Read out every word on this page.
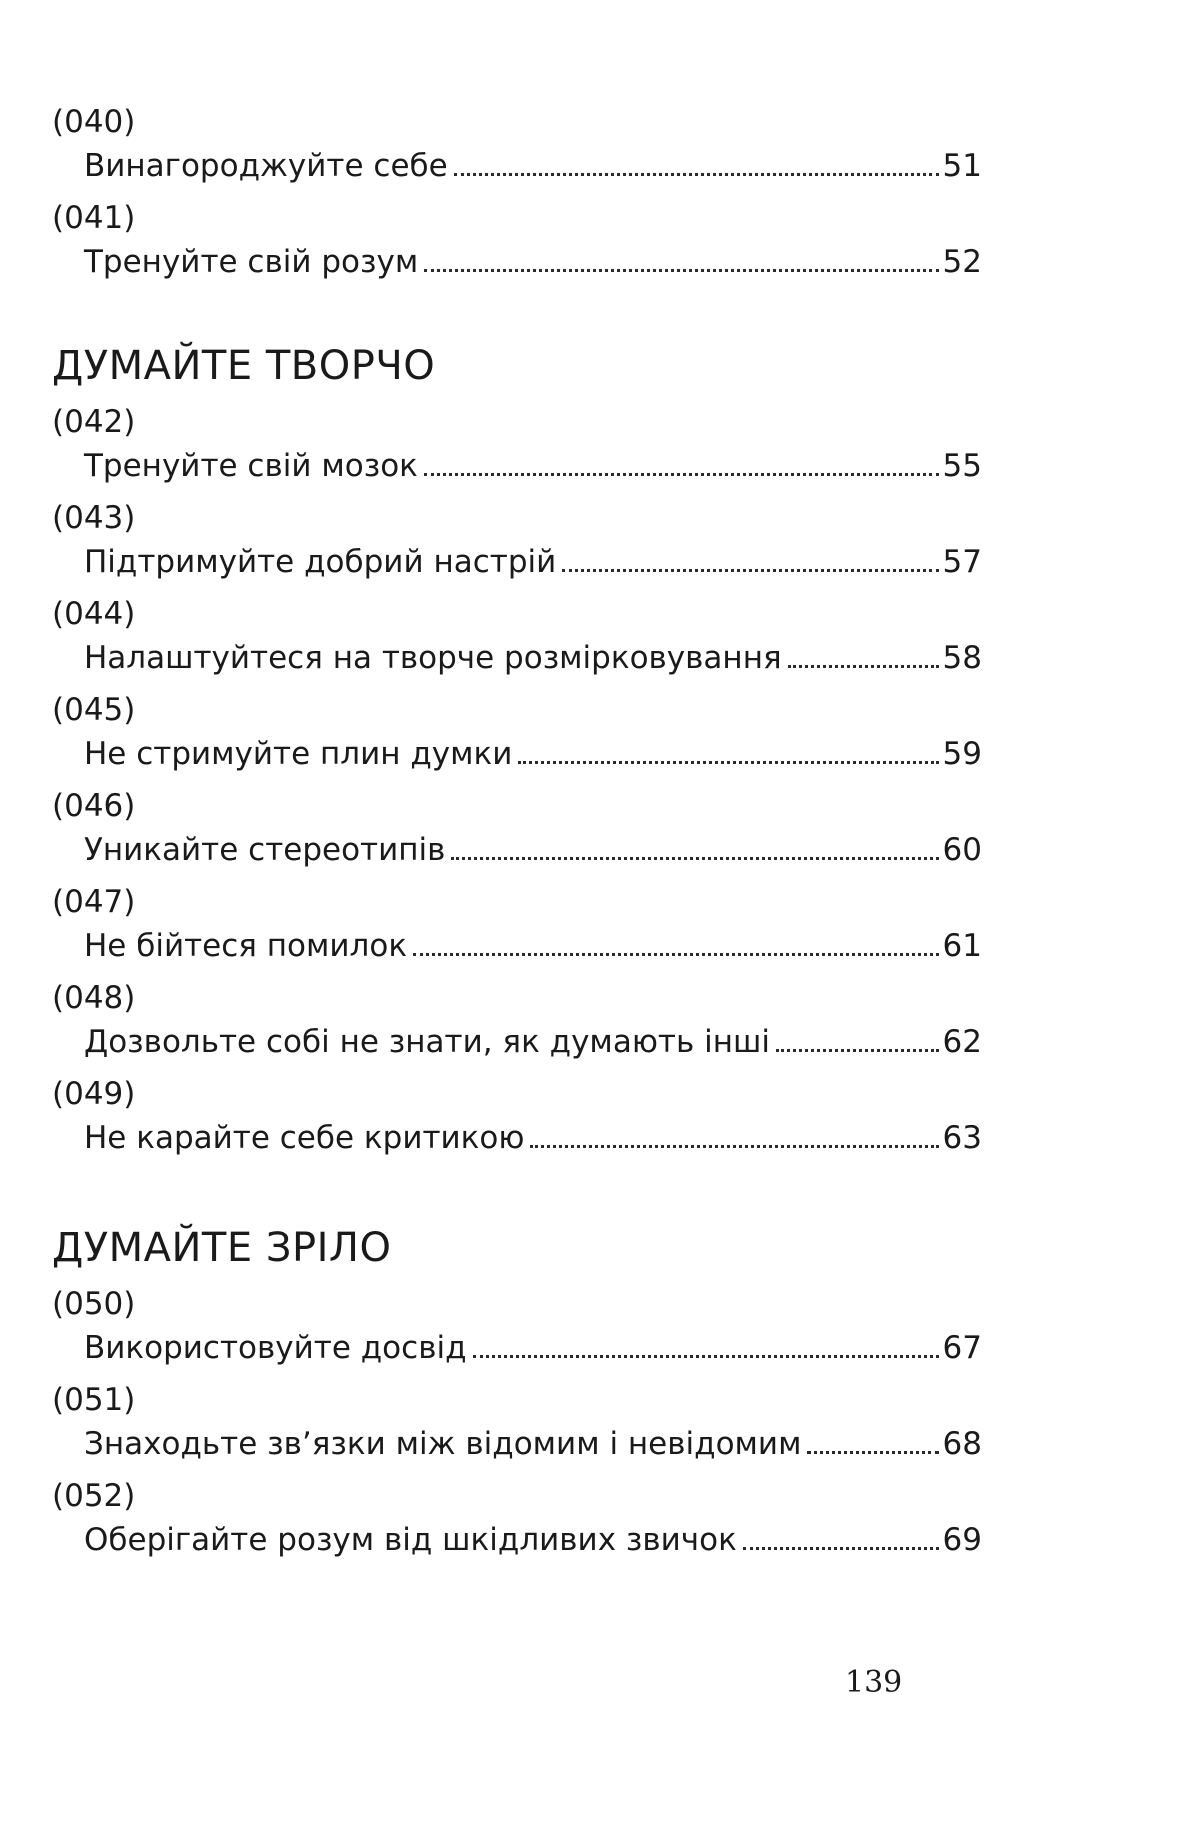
(040)
Винагороджуйте себе	51
(041)
Тренуйте свій розум	52
ДУМАЙТЕ ТВОРЧО
(042)
Тренуйте свій мозок	55
(043)
Підтримуйте добрий настрій	57
(044)
Налаштуйтеся на творче розмірковування	58
(045)
Не стримуйте плин думки	59
(046)
Уникайте стереотипів	60
(047)
Не бійтеся помилок	61
(048)
Дозвольте собі не знати, як думають інші	62
(049)
Не карайте себе критикою	63
ДУМАЙТЕ ЗРІЛО
(050)
Використовуйте досвід	67
(051)
Знаходьте зв’язки між відомим і невідомим	68
(052)
Оберігайте розум від шкідливих звичок	69
139
